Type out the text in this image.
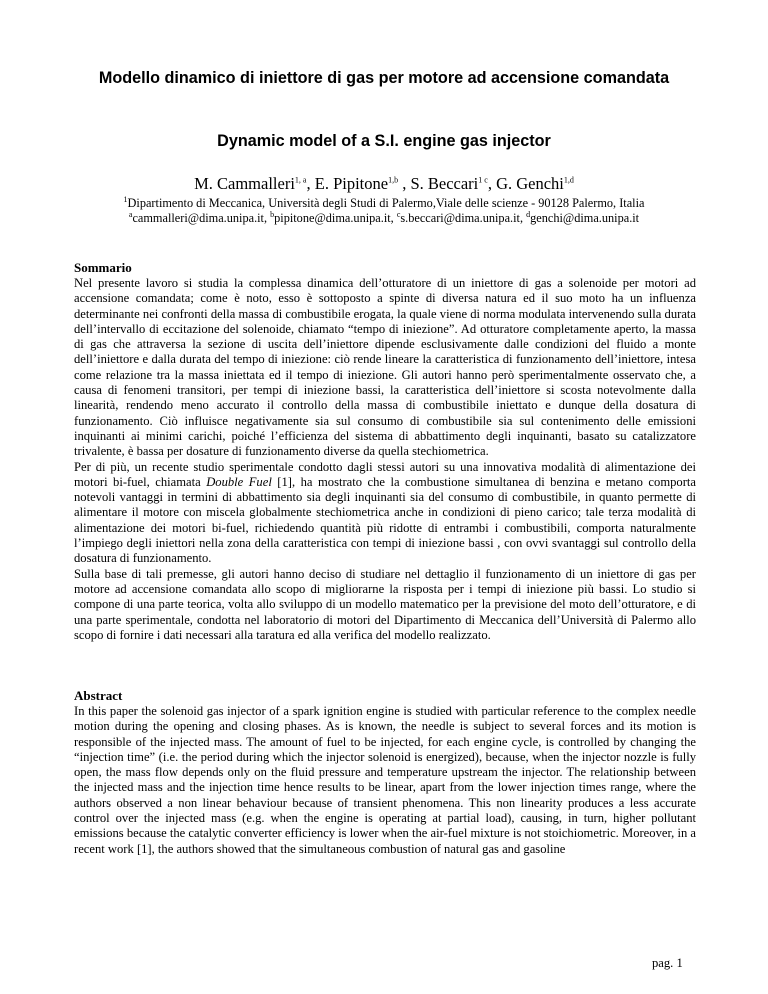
Modello dinamico di iniettore di gas per motore ad accensione comandata
Dynamic model of a S.I. engine gas injector

M. Cammalleri$^{1, a}$, E. Pipitone$^{1,b}$ , S. Beccari$^{1 c}$, G. Genchi$^{1,d}$

$^1$Dipartimento di Meccanica, Università degli Studi di Palermo,Viale delle scienze - 90128 Palermo, Italia

$^a$cammalleri@dima.unipa.it, $^b$pipitone@dima.unipa.it, $^c$s.beccari@dima.unipa.it, $^d$genchi@dima.unipa.it

Sommario

Nel presente lavoro si studia la complessa dinamica dell’otturatore di un iniettore di gas a solenoide per motori ad accensione comandata; come è noto, esso è sottoposto a spinte di diversa natura ed il suo moto ha un influenza determinante nei confronti della massa di combustibile erogata, la quale viene di norma modulata intervenendo sulla durata dell’intervallo di eccitazione del solenoide, chiamato “tempo di iniezione”. Ad otturatore completamente aperto, la massa di gas che attraversa la sezione di uscita dell’iniettore dipende esclusivamente dalle condizioni del fluido a monte dell’iniettore e dalla durata del tempo di iniezione: ciò rende lineare la caratteristica di funzionamento dell’iniettore, intesa come relazione tra la massa iniettata ed il tempo di iniezione. Gli autori hanno però sperimentalmente osservato che, a causa di fenomeni transitori, per tempi di iniezione bassi, la caratteristica dell’iniettore si scosta notevolmente dalla linearità, rendendo meno accurato il controllo della massa di combustibile iniettato e dunque della dosatura di funzionamento. Ciò influisce negativamente sia sul consumo di combustibile sia sul contenimento delle emissioni inquinanti ai minimi carichi, poiché l’efficienza del sistema di abbattimento degli inquinanti, basato su catalizzatore trivalente, è bassa per dosature di funzionamento diverse da quella stechiometrica.

Per di più, un recente studio sperimentale condotto dagli stessi autori su una innovativa modalità di alimentazione dei motori bi-fuel, chiamata Double Fuel [1], ha mostrato che la combustione simultanea di benzina e metano comporta notevoli vantaggi in termini di abbattimento sia degli inquinanti sia del consumo di combustibile, in quanto permette di alimentare il motore con miscela globalmente stechiometrica anche in condizioni di pieno carico; tale terza modalità di alimentazione dei motori bi-fuel, richiedendo quantità più ridotte di entrambi i combustibili, comporta naturalmente l’impiego degli iniettori nella zona della caratteristica con tempi di iniezione bassi , con ovvi svantaggi sul controllo della dosatura di funzionamento.

Sulla base di tali premesse, gli autori hanno deciso di studiare nel dettaglio il funzionamento di un iniettore di gas per motore ad accensione comandata allo scopo di migliorarne la risposta per i tempi di iniezione più bassi. Lo studio si compone di una parte teorica, volta allo sviluppo di un modello matematico per la previsione del moto dell’otturatore, e di una parte sperimentale, condotta nel laboratorio di motori del Dipartimento di Meccanica dell’Università di Palermo allo scopo di fornire i dati necessari alla taratura ed alla verifica del modello realizzato.

Abstract

In this paper the solenoid gas injector of a spark ignition engine is studied with particular reference to the complex needle motion during the opening and closing phases. As is known, the needle is subject to several forces and its motion is responsible of the injected mass. The amount of fuel to be injected, for each engine cycle, is controlled by changing the “injection time” (i.e. the period during which the injector solenoid is energized), because, when the injector nozzle is fully open, the mass flow depends only on the fluid pressure and temperature upstream the injector. The relationship between the injected mass and the injection time hence results to be linear, apart from the lower injection times range, where the authors observed a non linear behaviour because of transient phenomena. This non linearity produces a less accurate control over the injected mass (e.g. when the engine is operating at partial load), causing, in turn, higher pollutant emissions because the catalytic converter efficiency is lower when the air-fuel mixture is not stoichiometric. Moreover, in a recent work [1], the authors showed that the simultaneous combustion of natural gas and gasoline

pag. 1
